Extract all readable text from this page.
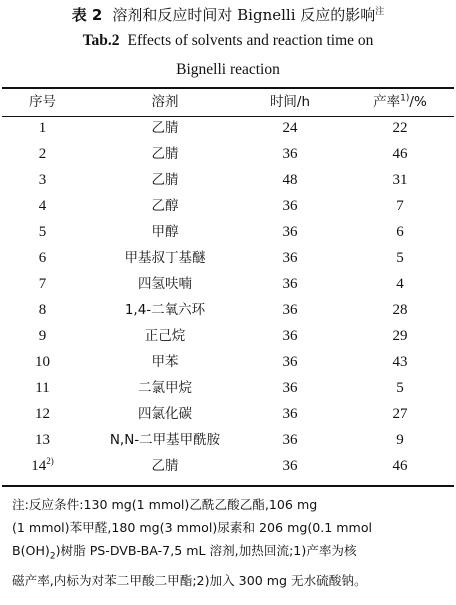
表 2 溶剂和反应时间对 Bignelli 反应的影响$^注$
Tab.2 Effects of solvents and reaction time on
Bignelli reaction
序号	溶剂	时间/h	产率$^{1)}$/%
1	乙腈	24	22
2	乙腈	36	46
3	乙腈	48	31
4	乙醇	36	7
5	甲醇	36	6
6	甲基叔丁基醚	36	5
7	四氢呋喃	36	4
8	1,4-二氧六环	36	28
9	正己烷	36	29
10	甲苯	36	43
11	二氯甲烷	36	5
12	四氯化碳	36	27
13	N,N-二甲基甲酰胺	36	9
14$^{2)}$	乙腈	36	46
注:反应条件:130 mg(1 mmol)乙酰乙酸乙酯,106 mg
(1 mmol)苯甲醛,180 mg(3 mmol)尿素和 206 mg(0.1 mmol
$B(OH)_2$)树脂 PS-DVB-BA-7,5 mL 溶剂,加热回流;1)产率为核
磁产率,内标为对苯二甲酸二甲酯;2)加入 300 mg 无水硫酸钠。
